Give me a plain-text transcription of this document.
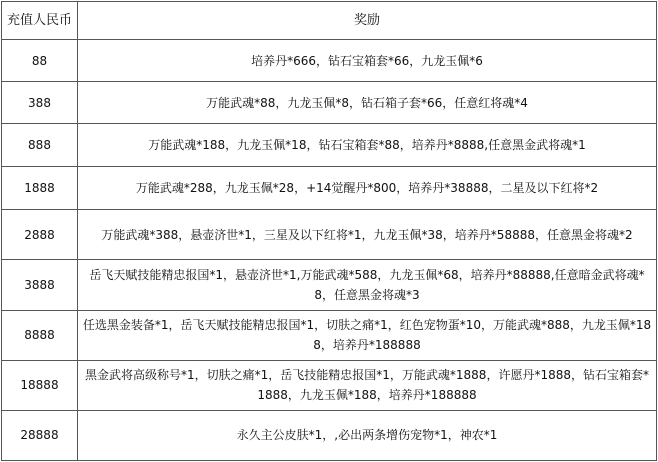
充值人民币	奖励
88	培养丹*666，钻石宝箱套*66，九龙玉佩*6
388	万能武魂*88，九龙玉佩*8，钻石箱子套*66，任意红将魂*4
888	万能武魂*188，九龙玉佩*18，钻石宝箱套*88，培养丹*8888,任意黑金武将魂*1
1888	万能武魂*288，九龙玉佩*28，+14觉醒丹*800，培养丹*38888，二星及以下红将*2
2888	万能武魂*388，悬壶济世*1，三星及以下红将*1，九龙玉佩*38，培养丹*58888，任意黑金将魂*2
3888	岳飞天赋技能精忠报国*1，悬壶济世*1,万能武魂*588，九龙玉佩*68，培养丹*88888,任意暗金武将魂*8，任意黑金将魂*3
8888	任选黑金装备*1，岳飞天赋技能精忠报国*1，切肤之痛*1，红色宠物蛋*10，万能武魂*888，九龙玉佩*188，培养丹*188888
18888	黑金武将高级称号*1，切肤之痛*1，岳飞技能精忠报国*1，万能武魂*1888，许愿丹*1888，钻石宝箱套*1888，九龙玉佩*188，培养丹*188888
28888	永久主公皮肤*1，,必出两条增伤宠物*1，神农*1
